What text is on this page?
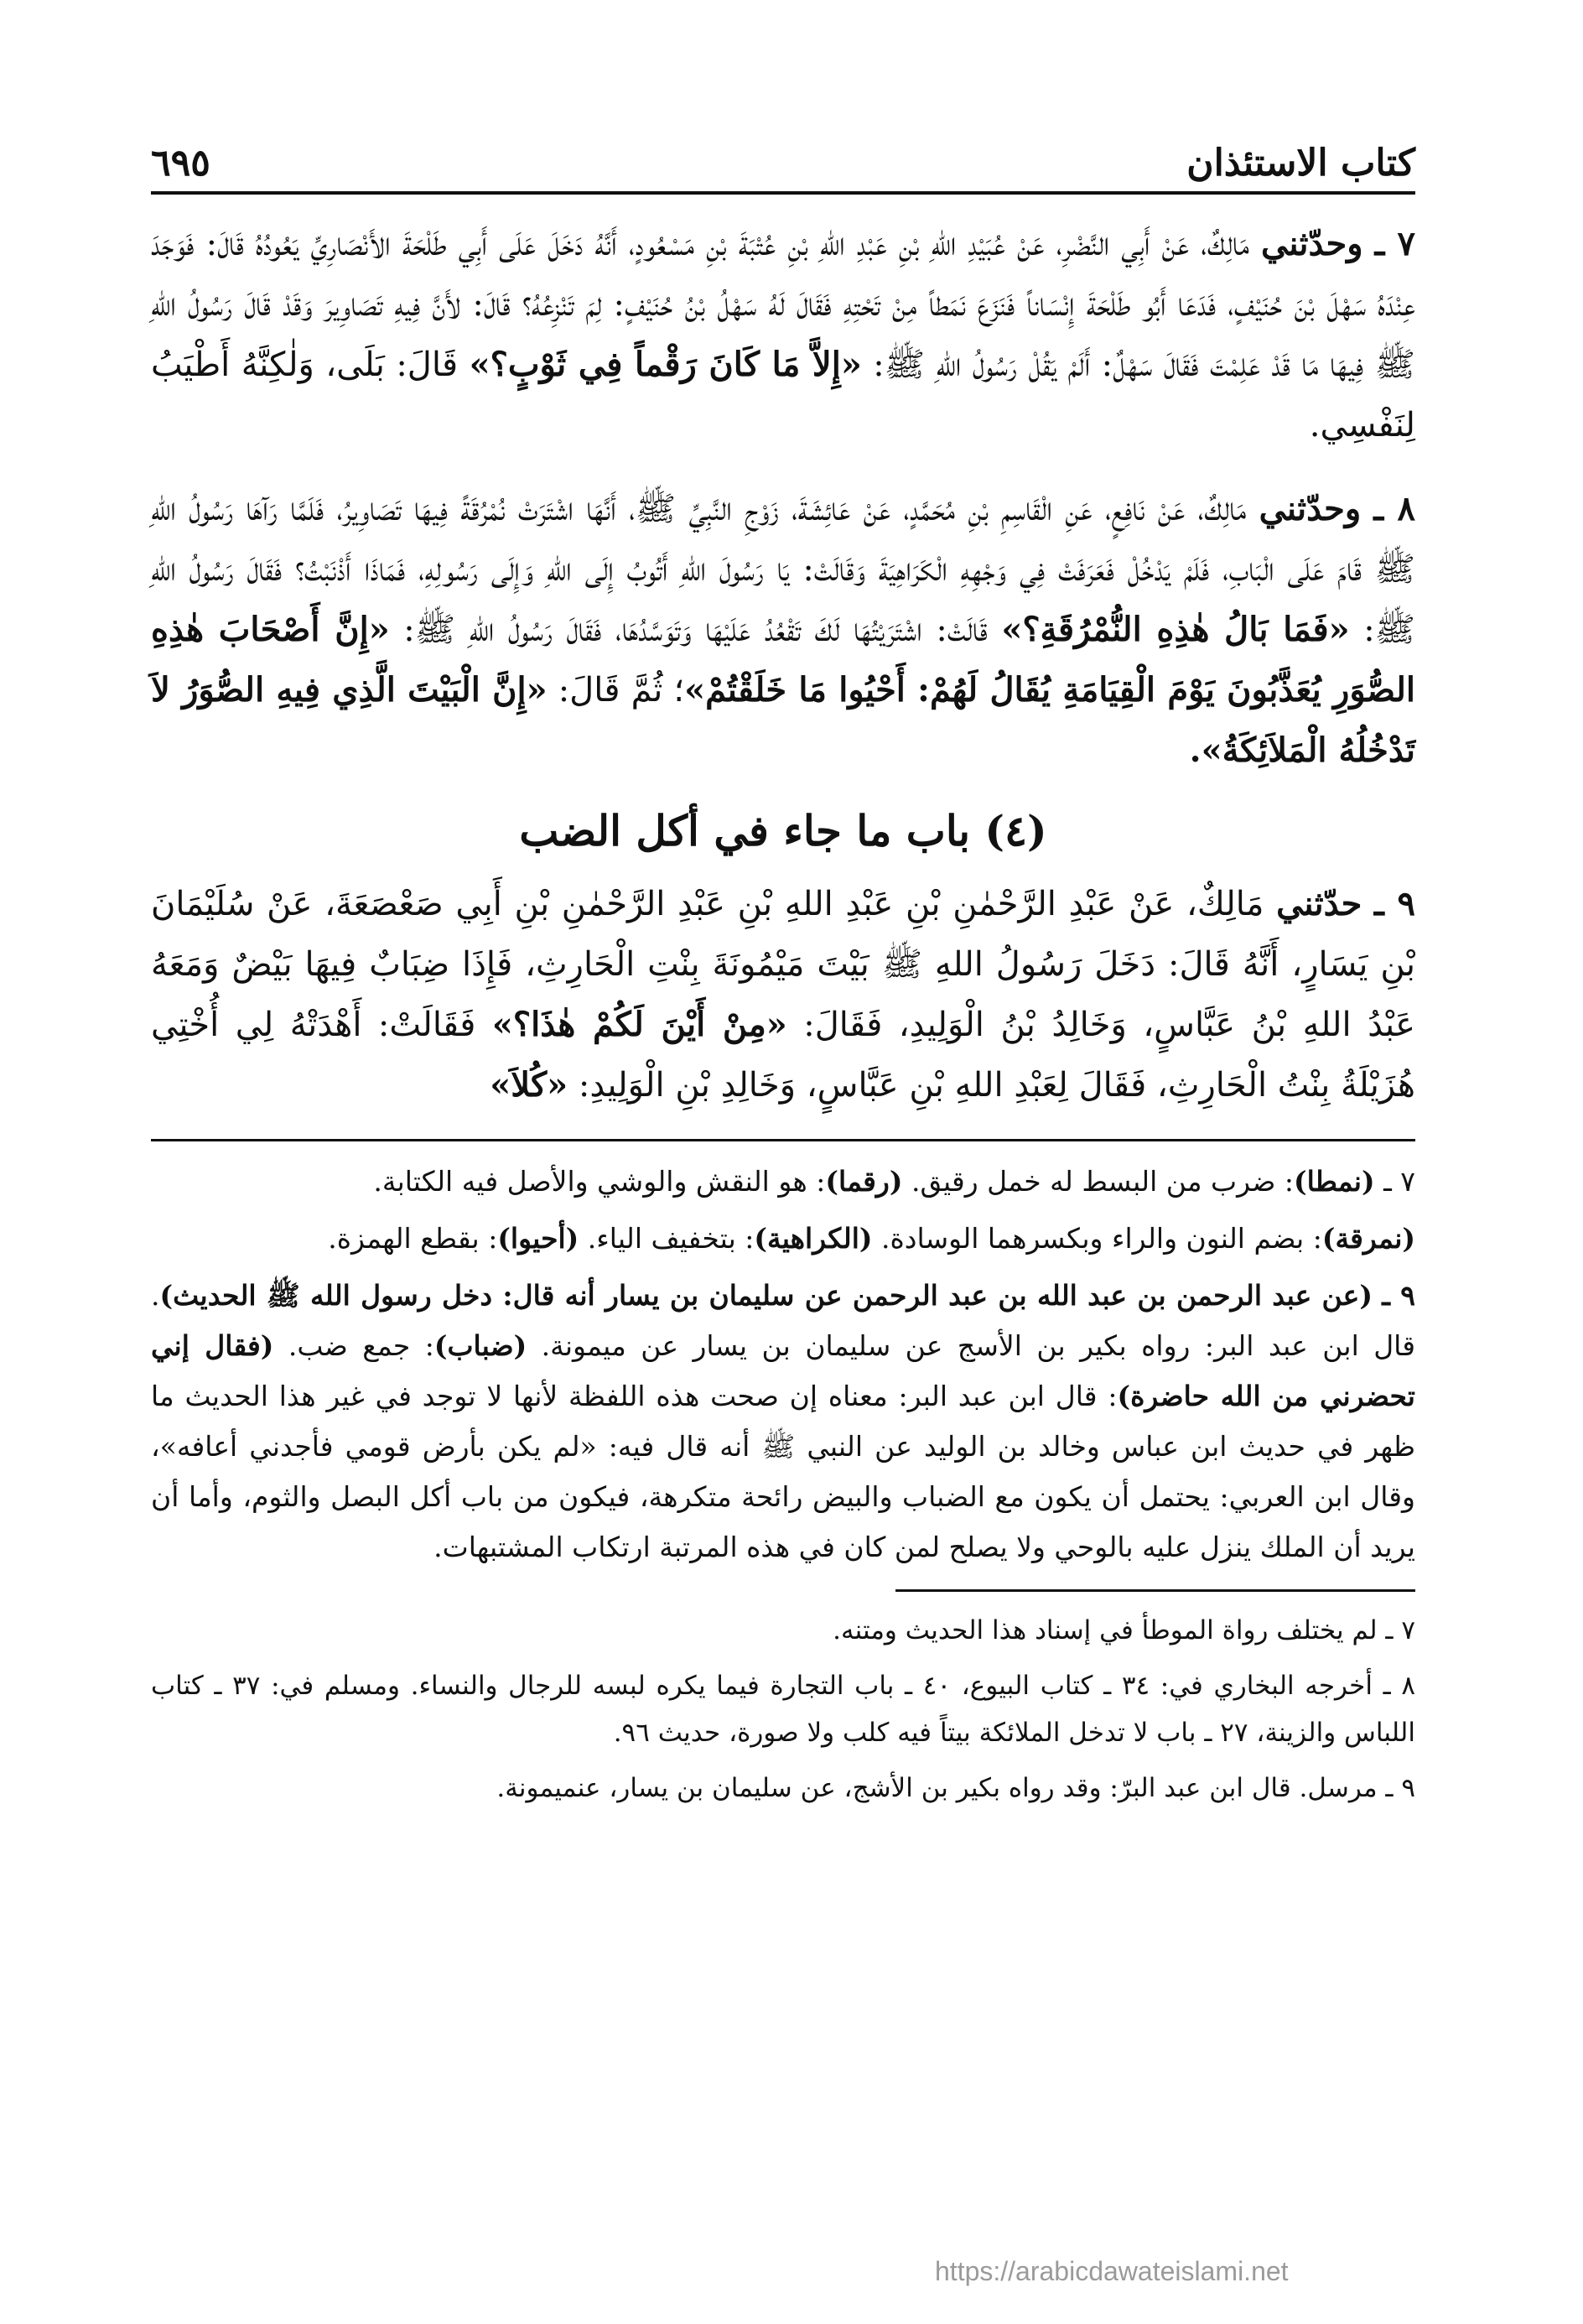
كتاب الاستئذان
٦٩٥

٧ ـ وحدّثني مَالِكٌ، عَنْ أَبِي النَّضْرِ، عَنْ عُبَيْدِ اللهِ بْنِ عَبْدِ اللهِ بْنِ عُتْبَةَ بْنِ مَسْعُودٍ، أَنَّهُ دَخَلَ عَلَى أَبِي طَلْحَةَ الأَنْصَارِيِّ يَعُودُهُ قَالَ: فَوَجَدَ عِنْدَهُ سَهْلَ بْنَ حُنَيْفٍ، فَدَعَا أَبُو طَلْحَةَ إِنْسَاناً فَنَزَعَ نَمَطاً مِنْ تَحْتِهِ فَقَالَ لَهُ سَهْلُ بْنُ حُنَيْفٍ: لِمَ تَنْزِعُهُ؟ قَالَ: لأَنَّ فِيهِ تَصَاوِيرَ وَقَدْ قَالَ رَسُولُ اللهِ ﷺ فِيهَا مَا قَدْ عَلِمْتَ فَقَالَ سَهْلٌ: أَلَمْ يَقُلْ رَسُولُ اللهِ ﷺ: «إِلاَّ مَا كَانَ رَقْماً فِي ثَوْبٍ؟» قَالَ: بَلَى، وَلٰكِنَّهُ أَطْيَبُ لِنَفْسِي.

٨ ـ وحدّثني مَالِكٌ، عَنْ نَافِعٍ، عَنِ الْقَاسِمِ بْنِ مُحَمَّدٍ، عَنْ عَائِشَةَ، زَوْجِ النَّبِيِّ ﷺ، أَنَّهَا اشْتَرَتْ نُمْرُقَةً فِيهَا تَصَاوِيرُ، فَلَمَّا رَآهَا رَسُولُ اللهِ ﷺ قَامَ عَلَى الْبَابِ، فَلَمْ يَدْخُلْ فَعَرَفَتْ فِي وَجْهِهِ الْكَرَاهِيَةَ وَقَالَتْ: يَا رَسُولَ اللهِ أَتُوبُ إِلَى اللهِ وَإِلَى رَسُولِهِ، فَمَاذَا أَذْنَبْتُ؟ فَقَالَ رَسُولُ اللهِ ﷺ: «فَمَا بَالُ هٰذِهِ النُّمْرُقَةِ؟» قَالَتْ: اشْتَرَيْتُهَا لَكَ تَقْعُدُ عَلَيْهَا وَتَوَسَّدُهَا، فَقَالَ رَسُولُ اللهِ ﷺ: «إِنَّ أَصْحَابَ هٰذِهِ الصُّوَرِ يُعَذَّبُونَ يَوْمَ الْقِيَامَةِ يُقَالُ لَهُمْ: أَحْيُوا مَا خَلَقْتُمْ»؛ ثُمَّ قَالَ: «إِنَّ الْبَيْتَ الَّذِي فِيهِ الصُّوَرُ لاَ تَدْخُلُهُ الْمَلاَئِكَةُ».

(٤) باب ما جاء في أكل الضب

٩ ـ حدّثني مَالِكٌ، عَنْ عَبْدِ الرَّحْمٰنِ بْنِ عَبْدِ اللهِ بْنِ عَبْدِ الرَّحْمٰنِ بْنِ أَبِي صَعْصَعَةَ، عَنْ سُلَيْمَانَ بْنِ يَسَارٍ، أَنَّهُ قَالَ: دَخَلَ رَسُولُ اللهِ ﷺ بَيْتَ مَيْمُونَةَ بِنْتِ الْحَارِثِ، فَإِذَا ضِبَابٌ فِيهَا بَيْضٌ وَمَعَهُ عَبْدُ اللهِ بْنُ عَبَّاسٍ، وَخَالِدُ بْنُ الْوَلِيدِ، فَقَالَ: «مِنْ أَيْنَ لَكُمْ هٰذَا؟» فَقَالَتْ: أَهْدَتْهُ لِي أُخْتِي هُزَيْلَةُ بِنْتُ الْحَارِثِ، فَقَالَ لِعَبْدِ اللهِ بْنِ عَبَّاسٍ، وَخَالِدِ بْنِ الْوَلِيدِ: «كُلاَ»

٧ ـ (نمطا): ضرب من البسط له خمل رقيق. (رقما): هو النقش والوشي والأصل فيه الكتابة.

(نمرقة): بضم النون والراء وبكسرهما الوسادة. (الكراهية): بتخفيف الياء. (أحيوا): بقطع الهمزة.

٩ ـ (عن عبد الرحمن بن عبد الله بن عبد الرحمن عن سليمان بن يسار أنه قال: دخل رسول الله ﷺ الحديث). قال ابن عبد البر: رواه بكير بن الأسج عن سليمان بن يسار عن ميمونة. (ضباب): جمع ضب. (فقال إني تحضرني من الله حاضرة): قال ابن عبد البر: معناه إن صحت هذه اللفظة لأنها لا توجد في غير هذا الحديث ما ظهر في حديث ابن عباس وخالد بن الوليد عن النبي ﷺ أنه قال فيه: «لم يكن بأرض قومي فأجدني أعافه»، وقال ابن العربي: يحتمل أن يكون مع الضباب والبيض رائحة متكرهة، فيكون من باب أكل البصل والثوم، وأما أن يريد أن الملك ينزل عليه بالوحي ولا يصلح لمن كان في هذه المرتبة ارتكاب المشتبهات.

٧ ـ لم يختلف رواة الموطأ في إسناد هذا الحديث ومتنه.

٨ ـ أخرجه البخاري في: ٣٤ ـ كتاب البيوع، ٤٠ ـ باب التجارة فيما يكره لبسه للرجال والنساء. ومسلم في: ٣٧ ـ كتاب اللباس والزينة، ٢٧ ـ باب لا تدخل الملائكة بيتاً فيه كلب ولا صورة، حديث ٩٦.

٩ ـ مرسل. قال ابن عبد البرّ: وقد رواه بكير بن الأشج، عن سليمان بن يسار، عنميمونة.

https://arabicdawateislami.net
